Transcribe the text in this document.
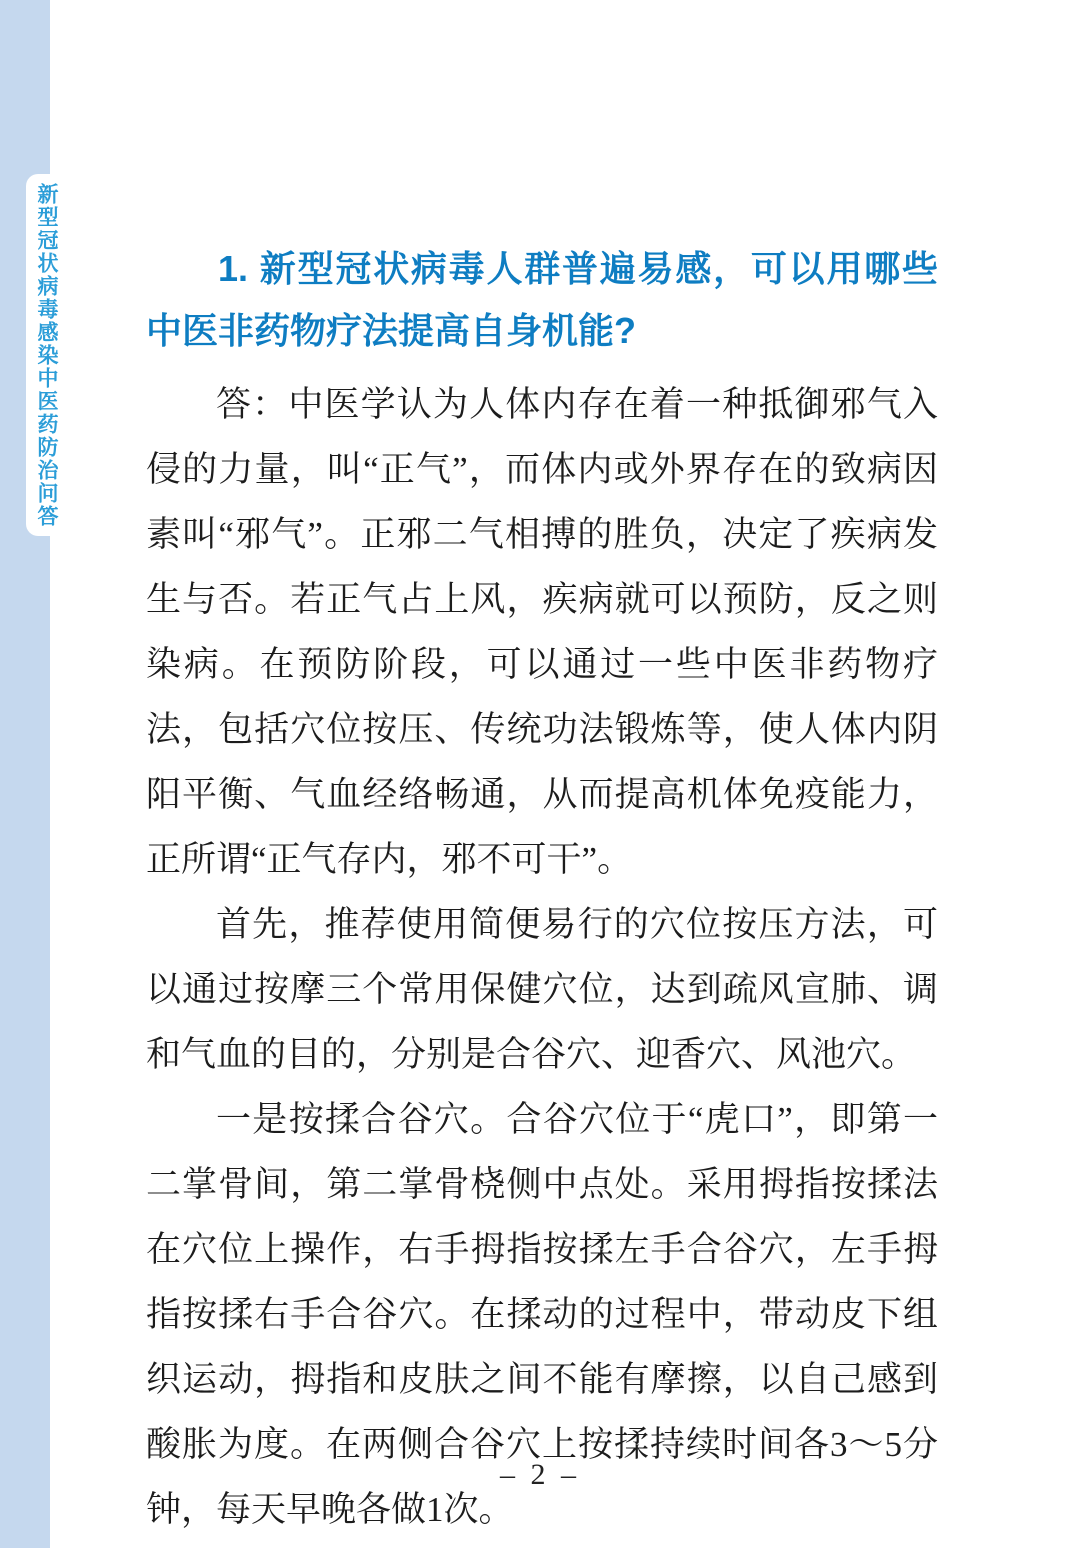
新型冠状病毒感染中医药防治问答	1. 新型冠状病毒人群普遍易感，可以用哪些中医非药物疗法提高自身机能?

答：中医学认为人体内存在着一种抵御邪气入侵的力量，叫“正气”，而体内或外界存在的致病因素叫“邪气”。正邪二气相搏的胜负，决定了疾病发生与否。若正气占上风，疾病就可以预防，反之则染病。在预防阶段，可以通过一些中医非药物疗法，包括穴位按压、传统功法锻炼等，使人体内阴阳平衡、气血经络畅通，从而提高机体免疫能力，正所谓“正气存内，邪不可干”。

首先，推荐使用简便易行的穴位按压方法，可以通过按摩三个常用保健穴位，达到疏风宣肺、调和气血的目的，分别是合谷穴、迎香穴、风池穴。

一是按揉合谷穴。合谷穴位于“虎口”，即第一二掌骨间，第二掌骨桡侧中点处。采用拇指按揉法在穴位上操作，右手拇指按揉左手合谷穴，左手拇指按揉右手合谷穴。在揉动的过程中，带动皮下组织运动，拇指和皮肤之间不能有摩擦，以自己感到酸胀为度。在两侧合谷穴上按揉持续时间各3～5分钟，每天早晚各做1次。

– 2 –
